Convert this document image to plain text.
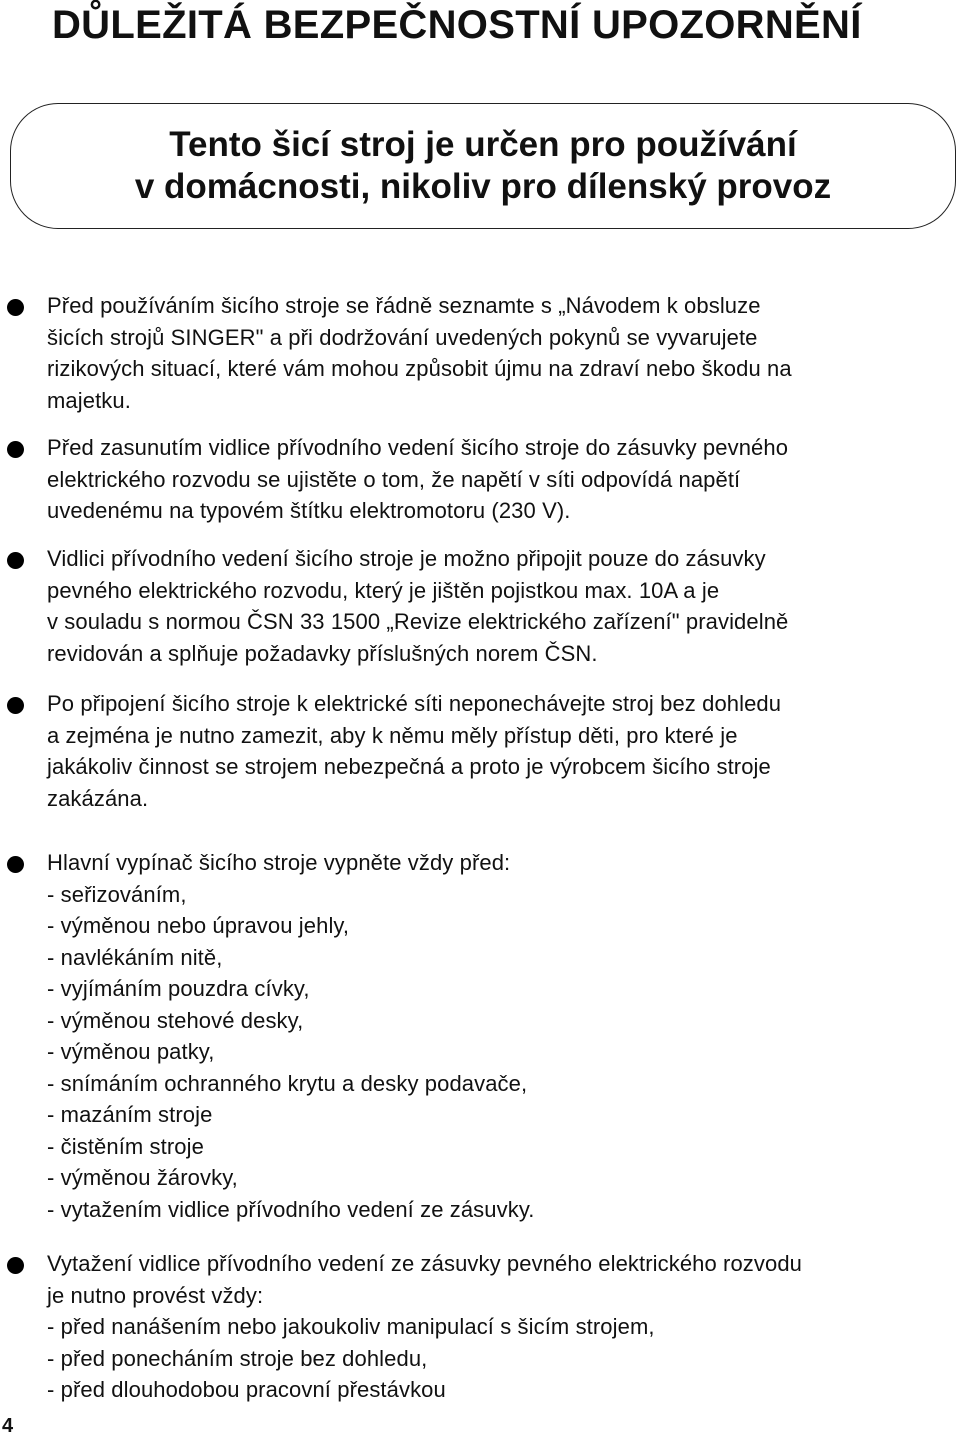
DŮLEŽITÁ BEZPEČNOSTNÍ UPOZORNĚNÍ
Tento šicí stroj je určen pro používání
v domácnosti, nikoliv pro dílenský provoz
Před používáním šicího stroje se řádně seznamte s „Návodem k obsluze
šicích strojů SINGER" a při dodržování uvedených pokynů se vyvarujete
rizikových situací, které vám mohou způsobit újmu na zdraví nebo škodu na
majetku.
Před zasunutím vidlice přívodního vedení šicího stroje do zásuvky pevného
elektrického rozvodu se ujistěte o tom, že napětí v síti odpovídá napětí
uvedenému na typovém štítku elektromotoru (230 V).
Vidlici přívodního vedení šicího stroje je možno připojit pouze do zásuvky
pevného elektrického rozvodu, který je jištěn pojistkou max. 10A a je
v souladu s normou ČSN 33 1500 „Revize elektrického zařízení" pravidelně
revidován a splňuje požadavky příslušných norem ČSN.
Po připojení šicího stroje k elektrické síti neponechávejte stroj bez dohledu
a zejména je nutno zamezit, aby k němu měly přístup děti, pro které je
jakákoliv činnost se strojem nebezpečná a proto je výrobcem šicího stroje
zakázána.
Hlavní vypínač šicího stroje vypněte vždy před:
- seřizováním,
- výměnou nebo úpravou jehly,
- navlékáním nitě,
- vyjímáním pouzdra cívky,
- výměnou stehové desky,
- výměnou patky,
- snímáním ochranného krytu a desky podavače,
- mazáním stroje
- čistěním stroje
- výměnou žárovky,
- vytažením vidlice přívodního vedení ze zásuvky.
Vytažení vidlice přívodního vedení ze zásuvky pevného elektrického rozvodu
je nutno provést vždy:
- před nanášením nebo jakoukoliv manipulací s šicím strojem,
- před ponecháním stroje bez dohledu,
- před dlouhodobou pracovní přestávkou
4
